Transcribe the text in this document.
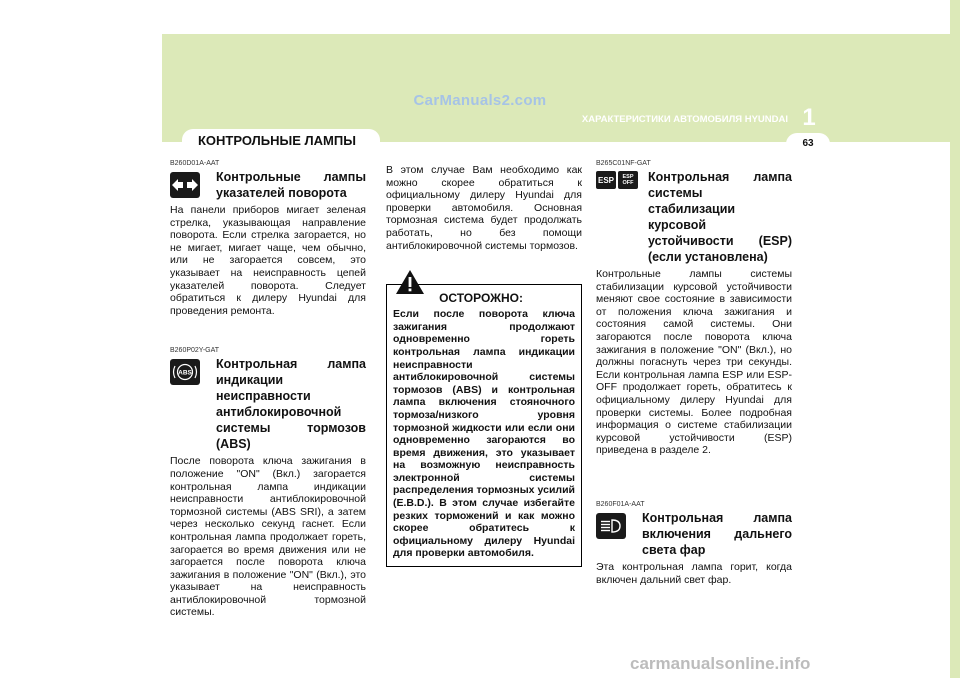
CarManuals2.com
ХАРАКТЕРИСТИКИ АВТОМОБИЛЯ HYUNDAI 1
63
КОНТРОЛЬНЫЕ ЛАМПЫ
B260D01A-AAT
Контрольные лампы указателей поворота
На панели приборов мигает зеленая стрелка, указывающая направление поворота. Если стрелка загорается, но не мигает, мигает чаще, чем обычно, или не загорается совсем, это указывает на неисправность цепей указателей поворота. Следует обратиться к дилеру Hyundai для проведения ремонта.
B260P02Y-GAT
ABS
Контрольная лампа индикации неисправности антиблокировочной системы тормозов (ABS)
После поворота ключа зажигания в положение "ON" (Вкл.) загорается контрольная лампа индикации неисправности антиблокировочной тормозной системы (ABS SRI), а затем через несколько секунд гаснет. Если контрольная лампа продолжает гореть, загорается во время движения или не загорается после поворота ключа зажигания в положение "ON" (Вкл.), это указывает на неисправность антиблокировочной тормозной системы.
В этом случае Вам необходимо как можно скорее обратиться к официальному дилеру Hyundai для проверки автомобиля. Основная тормозная система будет продолжать работать, но без помощи антиблокировочной системы тормозов.
ОСТОРОЖНО:
Если после поворота ключа зажигания продолжают одновременно гореть контрольная лампа индикации неисправности антиблокировочной системы тормозов (ABS) и контрольная лампа включения стояночного тормоза/низкого уровня тормозной жидкости или если они одновременно загораются во время движения, это указывает на возможную неисправность электронной системы распределения тормозных усилий (E.B.D.). В этом случае избегайте резких торможений и как можно скорее обратитесь к официальному дилеру Hyundai для проверки автомобиля.
B265C01NF-GAT
ESP	ESP
OFF Контрольная лампа системы стабилизации курсовой устойчивости (ESP) (если установлена)
Контрольные лампы системы стабилизации курсовой устойчивости меняют свое состояние в зависимости от положения ключа зажигания и состояния самой системы. Они загораются после поворота ключа зажигания в положение "ON" (Вкл.), но должны погаснуть через три секунды. Если контрольная лампа ESP или ESP-OFF продолжает гореть, обратитесь к официальному дилеру Hyundai для проверки системы. Более подробная информация о системе стабилизации курсовой устойчивости (ESP) приведена в разделе 2.
B260F01A-AAT
Контрольная лампа включения дальнего света фар
Эта контрольная лампа горит, когда включен дальний свет фар.
carmanualsonline.info
